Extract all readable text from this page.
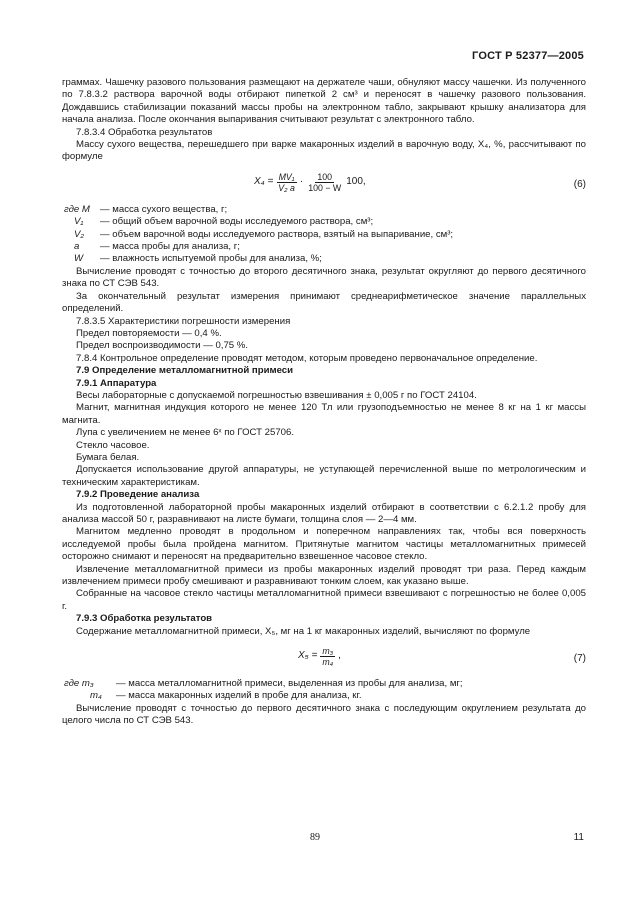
ГОСТ Р 52377—2005

граммах. Чашечку разового пользования размещают на держателе чаши, обнуляют массу чашечки. Из полученного по 7.8.3.2 раствора варочной воды отбирают пипеткой 2 см³ и переносят в чашечку разового пользования. Дождавшись стабилизации показаний массы пробы на электронном табло, закрывают крышку анализатора для начала анализа. После окончания выпаривания считывают результат с электронного табло.

7.8.3.4 Обработка результатов

Массу сухого вещества, перешедшего при варке макаронных изделий в варочную воду, X₄, %, рассчитывают по формуле

$X_4 = \frac{\text{MV₁}}{\text{V₂ a}} \cdot \frac{100}{100 - W} 100$,	(6)
где M	— масса сухого вещества, г;
V₁	— общий объем варочной воды исследуемого раствора, см³;
V₂	— объем варочной воды исследуемого раствора, взятый на выпаривание, см³;
a	— масса пробы для анализа, г;
W	— влажность испытуемой пробы для анализа, %;

Вычисление проводят с точностью до второго десятичного знака, результат округляют до первого десятичного знака по СТ СЭВ 543.

За окончательный результат измерения принимают среднеарифметическое значение параллельных определений.

7.8.3.5 Характеристики погрешности измерения

Предел повторяемости — 0,4 %.

Предел воспроизводимости — 0,75 %.

7.8.4 Контрольное определение проводят методом, которым проведено первоначальное определение.

7.9 Определение металломагнитной примеси

7.9.1 Аппаратура

Весы лабораторные с допускаемой погрешностью взвешивания ± 0,005 г по ГОСТ 24104.

Магнит, магнитная индукция которого не менее 120 Тл или грузоподъемностью не менее 8 кг на 1 кг массы магнита.

Лупа с увеличением не менее 6ˣ по ГОСТ 25706.

Стекло часовое.

Бумага белая.

Допускается использование другой аппаратуры, не уступающей перечисленной выше по метрологическим и техническим характеристикам.

7.9.2 Проведение анализа

Из подготовленной лабораторной пробы макаронных изделий отбирают в соответствии с 6.2.1.2 пробу для анализа массой 50 г, разравнивают на листе бумаги, толщина слоя — 2—4 мм.

Магнитом медленно проводят в продольном и поперечном направлениях так, чтобы вся поверхность исследуемой пробы была пройдена магнитом. Притянутые магнитом частицы металломагнитных примесей осторожно снимают и переносят на предварительно взвешенное часовое стекло.

Извлечение металломагнитной примеси из пробы макаронных изделий проводят три раза. Перед каждым извлечением примеси пробу смешивают и разравнивают тонким слоем, как указано выше.

Собранные на часовое стекло частицы металломагнитной примеси взвешивают с погрешностью не более 0,005 г.

7.9.3 Обработка результатов

Содержание металломагнитной примеси, X₅, мг на 1 кг макаронных изделий, вычисляют по формуле

$X_5 = \frac{\text{m₃}}{\text{m₄}}$ ,	(7)
где m₃	— масса металломагнитной примеси, выделенная из пробы для анализа, мг;
m₄	— масса макаронных изделий в пробе для анализа, кг.

Вычисление проводят с точностью до первого десятичного знака с последующим округлением результата до целого числа по СТ СЭВ 543.

89	11
